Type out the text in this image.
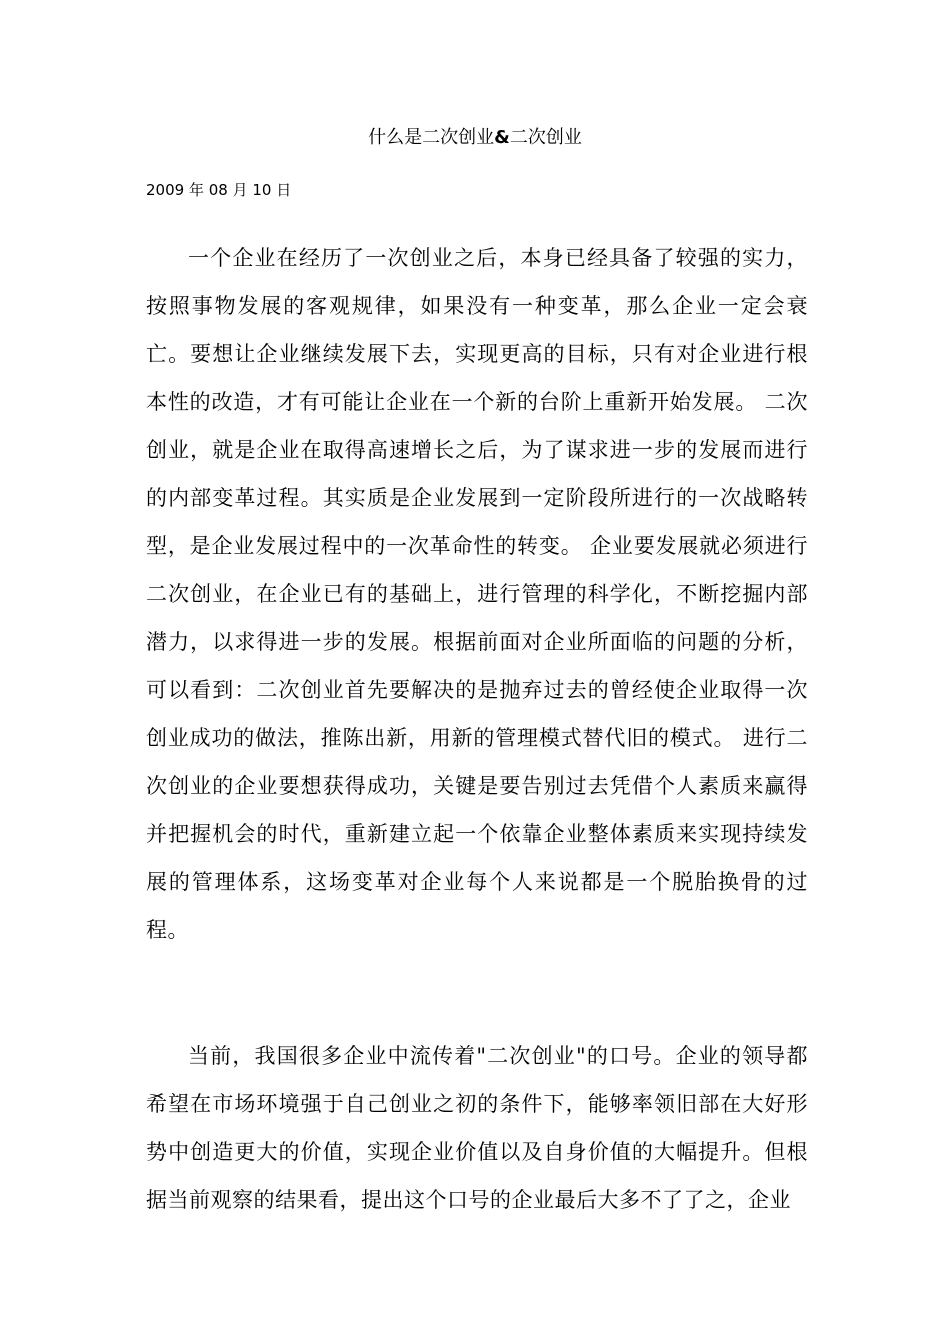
什么是二次创业&二次创业

2009 年 08 月 10 日

一个企业在经历了一次创业之后，本身已经具备了较强的实力，按照事物发展的客观规律，如果没有一种变革，那么企业一定会衰亡。要想让企业继续发展下去，实现更高的目标，只有对企业进行根本性的改造，才有可能让企业在一个新的台阶上重新开始发展。 二次创业，就是企业在取得高速增长之后，为了谋求进一步的发展而进行的内部变革过程。其实质是企业发展到一定阶段所进行的一次战略转型，是企业发展过程中的一次革命性的转变。 企业要发展就必须进行二次创业，在企业已有的基础上，进行管理的科学化，不断挖掘内部潜力，以求得进一步的发展。根据前面对企业所面临的问题的分析，可以看到：二次创业首先要解决的是抛弃过去的曾经使企业取得一次创业成功的做法，推陈出新，用新的管理模式替代旧的模式。 进行二次创业的企业要想获得成功，关键是要告别过去凭借个人素质来赢得并把握机会的时代，重新建立起一个依靠企业整体素质来实现持续发展的管理体系，这场变革对企业每个人来说都是一个脱胎换骨的过程。

当前，我国很多企业中流传着"二次创业"的口号。企业的领导都希望在市场环境强于自己创业之初的条件下，能够率领旧部在大好形势中创造更大的价值，实现企业价值以及自身价值的大幅提升。但根据当前观察的结果看，提出这个口号的企业最后大多不了了之，企业
